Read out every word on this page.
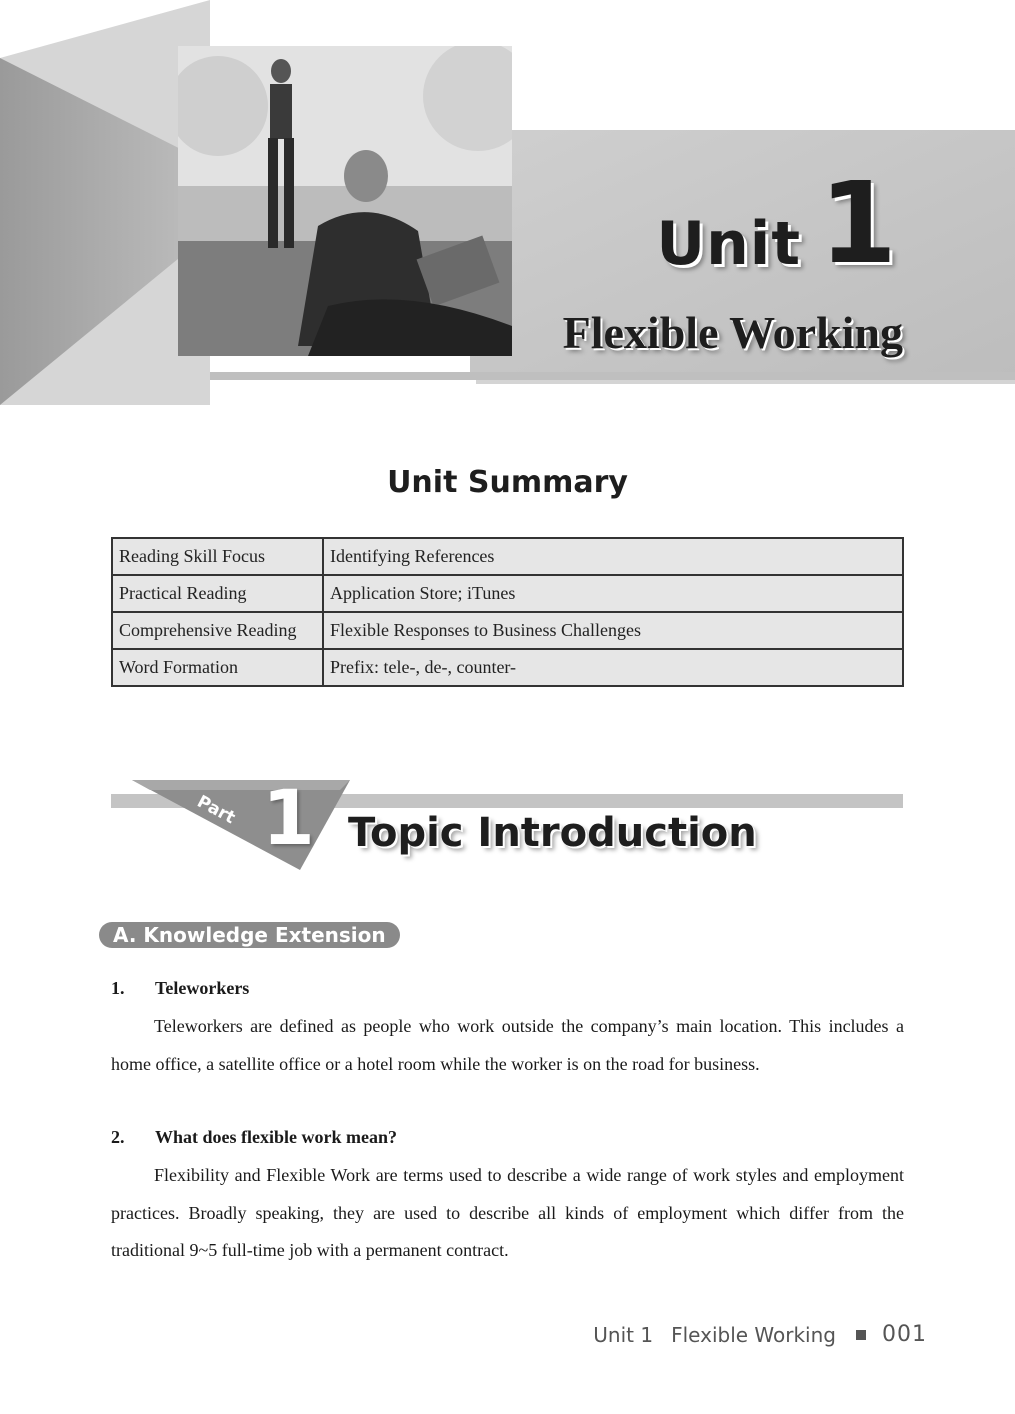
Unit 1
Flexible Working
Unit Summary
Reading Skill Focus	Identifying References
Practical Reading	Application Store; iTunes
Comprehensive Reading	Flexible Responses to Business Challenges
Word Formation	Prefix: tele-, de-, counter-
Part 1 Topic Introduction
A. Knowledge Extension
1. Teleworkers

Teleworkers are defined as people who work outside the company’s main location. This includes a home office, a satellite office or a hotel room while the worker is on the road for business.

2. What does flexible work mean?

Flexibility and Flexible Work are terms used to describe a wide range of work styles and employment practices. Broadly speaking, they are used to describe all kinds of employment which differ from the traditional 9~5 full-time job with a permanent contract.

Unit 1 Flexible Working 001
